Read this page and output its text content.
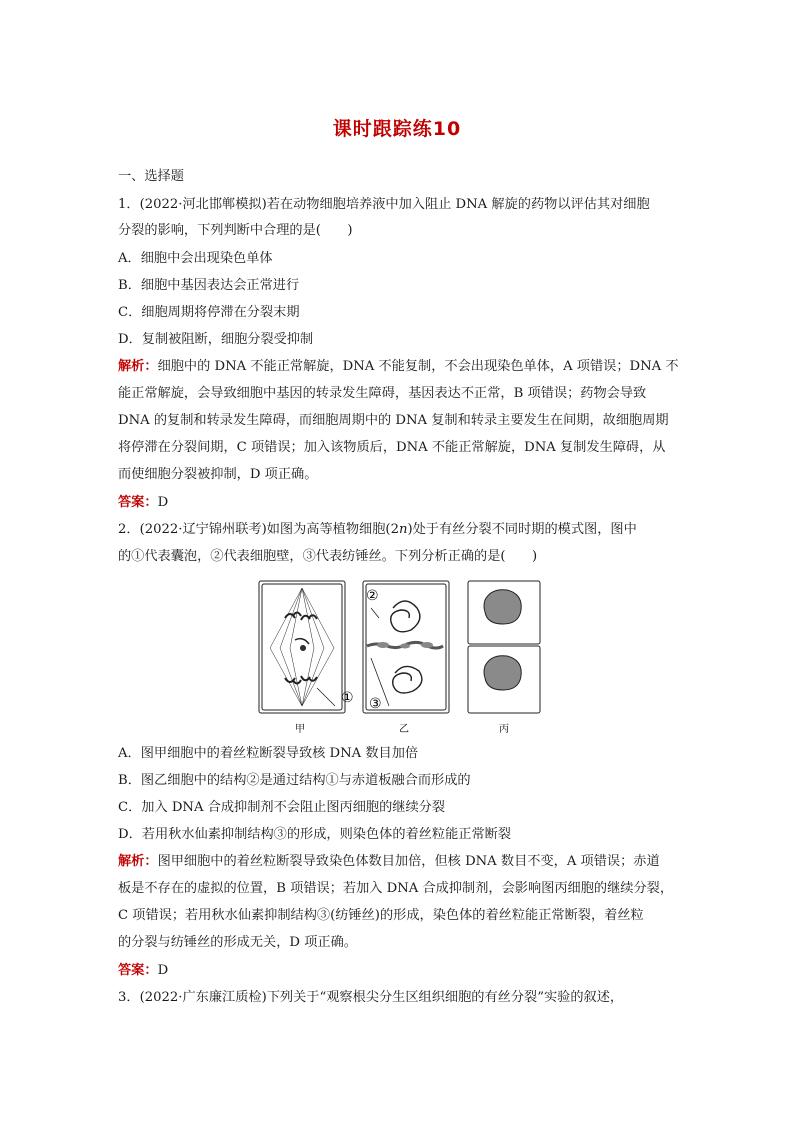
课时跟踪练10
一、选择题
1．(2022·河北邯郸模拟)若在动物细胞培养液中加入阻止 DNA 解旋的药物以评估其对细胞
分裂的影响，下列判断中合理的是(　　)
A．细胞中会出现染色单体
B．细胞中基因表达会正常进行
C．细胞周期将停滞在分裂末期
D．复制被阻断，细胞分裂受抑制
解析：细胞中的 DNA 不能正常解旋，DNA 不能复制，不会出现染色单体，A 项错误；DNA 不
能正常解旋，会导致细胞中基因的转录发生障碍，基因表达不正常，B 项错误；药物会导致
DNA 的复制和转录发生障碍，而细胞周期中的 DNA 复制和转录主要发生在间期，故细胞周期
将停滞在分裂间期，C 项错误；加入该物质后，DNA 不能正常解旋，DNA 复制发生障碍，从
而使细胞分裂被抑制，D 项正确。
答案：D
2．(2022·辽宁锦州联考)如图为高等植物细胞(2n)处于有丝分裂不同时期的模式图，图中
的①代表囊泡，②代表细胞壁，③代表纺锤丝。下列分析正确的是(　　)
①
②
③
甲	乙	丙
A．图甲细胞中的着丝粒断裂导致核 DNA 数目加倍
B．图乙细胞中的结构②是通过结构①与赤道板融合而形成的
C．加入 DNA 合成抑制剂不会阻止图丙细胞的继续分裂
D．若用秋水仙素抑制结构③的形成，则染色体的着丝粒能正常断裂
解析：图甲细胞中的着丝粒断裂导致染色体数目加倍，但核 DNA 数目不变，A 项错误；赤道
板是不存在的虚拟的位置，B 项错误；若加入 DNA 合成抑制剂，会影响图丙细胞的继续分裂，
C 项错误；若用秋水仙素抑制结构③(纺锤丝)的形成，染色体的着丝粒能正常断裂，着丝粒
的分裂与纺锤丝的形成无关，D 项正确。
答案：D
3．(2022·广东廉江质检)下列关于“观察根尖分生区组织细胞的有丝分裂”实验的叙述，
